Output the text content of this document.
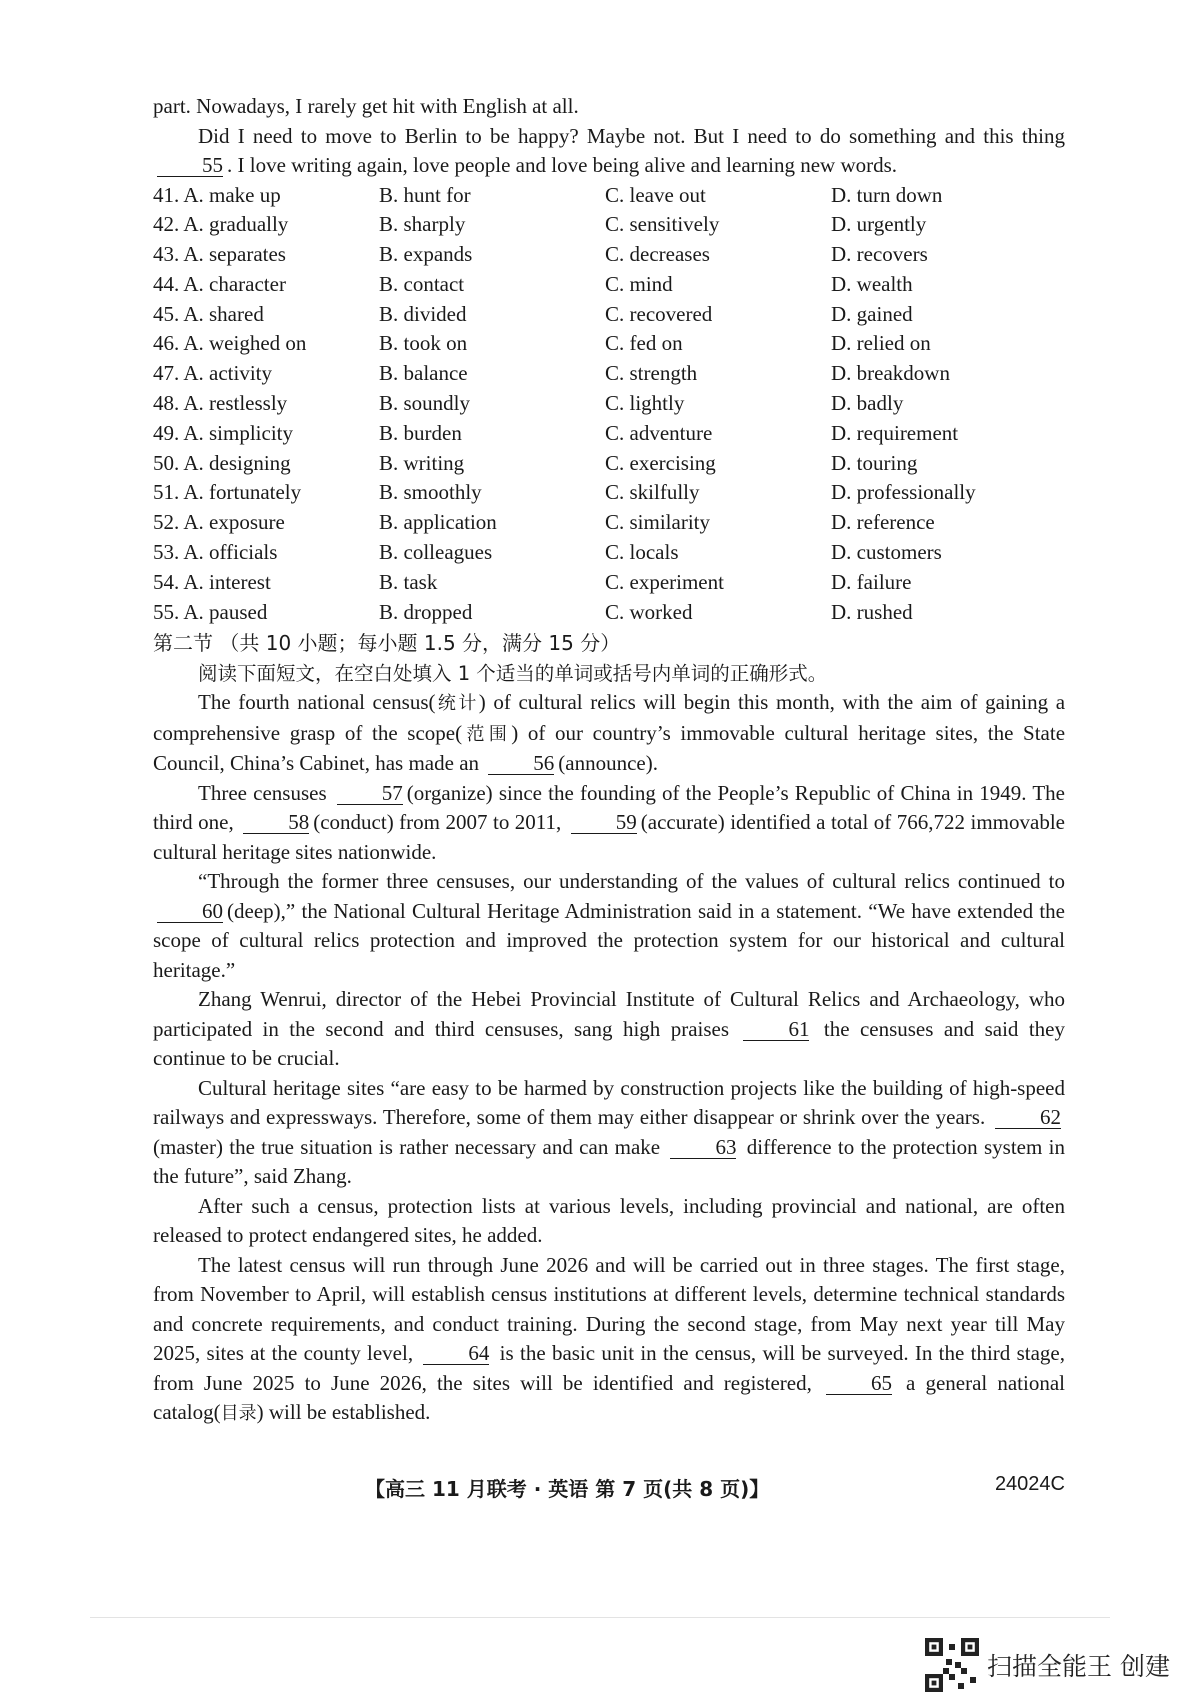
part. Nowadays, I rarely get hit with English at all.

Did I need to move to Berlin to be happy? Maybe not. But I need to do something and this thing 55 . I love writing again, love people and love being alive and learning new words.

41. A. make up	B. hunt for	C. leave out	D. turn down
42. A. gradually	B. sharply	C. sensitively	D. urgently
43. A. separates	B. expands	C. decreases	D. recovers
44. A. character	B. contact	C. mind	D. wealth
45. A. shared	B. divided	C. recovered	D. gained
46. A. weighed on	B. took on	C. fed on	D. relied on
47. A. activity	B. balance	C. strength	D. breakdown
48. A. restlessly	B. soundly	C. lightly	D. badly
49. A. simplicity	B. burden	C. adventure	D. requirement
50. A. designing	B. writing	C. exercising	D. touring
51. A. fortunately	B. smoothly	C. skilfully	D. professionally
52. A. exposure	B. application	C. similarity	D. reference
53. A. officials	B. colleagues	C. locals	D. customers
54. A. interest	B. task	C. experiment	D. failure
55. A. paused	B. dropped	C. worked	D. rushed
第二节 （共 10 小题；每小题 1.5 分，满分 15 分）

阅读下面短文，在空白处填入 1 个适当的单词或括号内单词的正确形式。

The fourth national census(统计) of cultural relics will begin this month, with the aim of gaining a comprehensive grasp of the scope(范围) of our country’s immovable cultural heritage sites, the State Council, China’s Cabinet, has made an 56 (announce).

Three censuses 57 (organize) since the founding of the People’s Republic of China in 1949. The third one, 58 (conduct) from 2007 to 2011, 59 (accurate) identified a total of 766,722 immovable cultural heritage sites nationwide.

“Through the former three censuses, our understanding of the values of cultural relics continued to 60 (deep),” the National Cultural Heritage Administration said in a statement. “We have extended the scope of cultural relics protection and improved the protection system for our historical and cultural heritage.”

Zhang Wenrui, director of the Hebei Provincial Institute of Cultural Relics and Archaeology, who participated in the second and third censuses, sang high praises 61 the censuses and said they continue to be crucial.

Cultural heritage sites “are easy to be harmed by construction projects like the building of high-speed railways and expressways. Therefore, some of them may either disappear or shrink over the years. 62(master) the true situation is rather necessary and can make 63 difference to the protection system in the future”, said Zhang.

After such a census, protection lists at various levels, including provincial and national, are often released to protect endangered sites, he added.

The latest census will run through June 2026 and will be carried out in three stages. The first stage, from November to April, will establish census institutions at different levels, determine technical standards and concrete requirements, and conduct training. During the second stage, from May next year till May 2025, sites at the county level, 64 is the basic unit in the census, will be surveyed. In the third stage, from June 2025 to June 2026, the sites will be identified and registered, 65 a general national catalog(目录) will be established.

【高三 11 月联考 · 英语 第 7 页(共 8 页)】	24024C
扫描全能王 创建
